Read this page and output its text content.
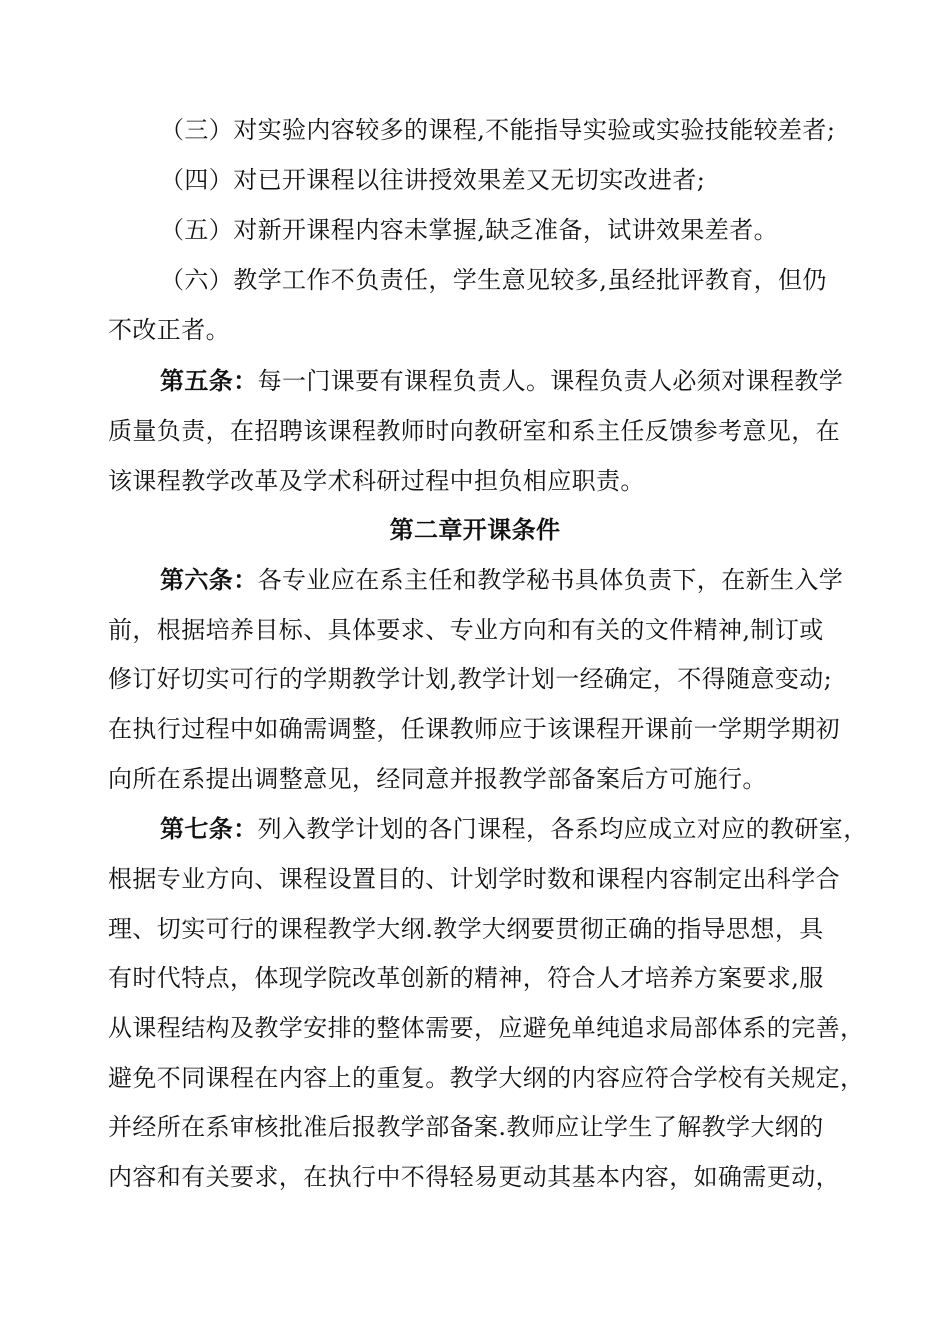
（三）对实验内容较多的课程,不能指导实验或实验技能较差者;
（四）对已开课程以往讲授效果差又无切实改进者;
（五）对新开课程内容未掌握,缺乏准备，试讲效果差者。
（六）教学工作不负责任，学生意见较多,虽经批评教育，但仍
不改正者。
第五条：每一门课要有课程负责人。课程负责人必须对课程教学
质量负责，在招聘该课程教师时向教研室和系主任反馈参考意见，在
该课程教学改革及学术科研过程中担负相应职责。
第二章开课条件
第六条：各专业应在系主任和教学秘书具体负责下，在新生入学
前，根据培养目标、具体要求、专业方向和有关的文件精神,制订或
修订好切实可行的学期教学计划,教学计划一经确定，不得随意变动;
在执行过程中如确需调整，任课教师应于该课程开课前一学期学期初
向所在系提出调整意见，经同意并报教学部备案后方可施行。
第七条：列入教学计划的各门课程，各系均应成立对应的教研室，
根据专业方向、课程设置目的、计划学时数和课程内容制定出科学合
理、切实可行的课程教学大纲.教学大纲要贯彻正确的指导思想，具
有时代特点，体现学院改革创新的精神，符合人才培养方案要求,服
从课程结构及教学安排的整体需要，应避免单纯追求局部体系的完善，
避免不同课程在内容上的重复。教学大纲的内容应符合学校有关规定，
并经所在系审核批准后报教学部备案.教师应让学生了解教学大纲的
内容和有关要求，在执行中不得轻易更动其基本内容，如确需更动，
